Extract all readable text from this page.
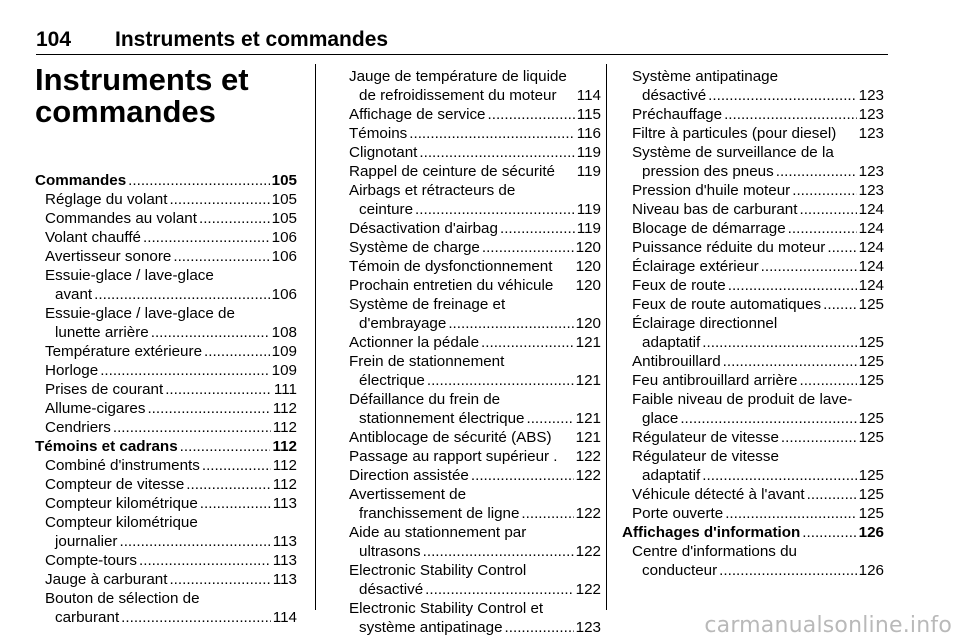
104 Instruments et commandes
Instruments et
commandes
Commandes .....	105
Réglage du volant .....	105
Commandes au volant .....	105
Volant chauffé .....	106
Avertisseur sonore .....	106
Essuie-glace / lave-glace
avant .....	106
Essuie-glace / lave-glace de
lunette arrière .....	108
Température extérieure .....	109
Horloge .....	109
Prises de courant .....	111
Allume-cigares .....	112
Cendriers .....	112
Témoins et cadrans .....	112
Combiné d'instruments .....	112
Compteur de vitesse .....	112
Compteur kilométrique .....	113
Compteur kilométrique
journalier .....	113
Compte-tours .....	113
Jauge à carburant .....	113
Bouton de sélection de
carburant .....	114
Jauge de température de liquide
de refroidissement du moteur 114
Affichage de service .....	115
Témoins .....	116
Clignotant .....	119
Rappel de ceinture de sécurité 119
Airbags et rétracteurs de
ceinture .....	119
Désactivation d'airbag .....	119
Système de charge .....	120
Témoin de dysfonctionnement 120
Prochain entretien du véhicule 120
Système de freinage et
d'embrayage .....	120
Actionner la pédale .....	121
Frein de stationnement
électrique .....	121
Défaillance du frein de
stationnement électrique .....	121
Antiblocage de sécurité (ABS) 121
Passage au rapport supérieur . 122
Direction assistée .....	122
Avertissement de
franchissement de ligne .....	122
Aide au stationnement par
ultrasons .....	122
Electronic Stability Control
désactivé .....	122
Electronic Stability Control et
système antipatinage .....	123
Système antipatinage
désactivé .....	123
Préchauffage .....	123
Filtre à particules (pour diesel) 123
Système de surveillance de la
pression des pneus .....	123
Pression d'huile moteur .....	123
Niveau bas de carburant .....	124
Blocage de démarrage .....	124
Puissance réduite du moteur ..... 124
Éclairage extérieur .....	124
Feux de route .....	124
Feux de route automatiques ..... 125
Éclairage directionnel
adaptatif .....	125
Antibrouillard .....	125
Feu antibrouillard arrière .....	125
Faible niveau de produit de lave-
glace .....	125
Régulateur de vitesse .....	125
Régulateur de vitesse
adaptatif .....	125
Véhicule détecté à l'avant .....	125
Porte ouverte .....	125
Affichages d'information .....	126
Centre d'informations du
conducteur .....	126
carmanualsonline.info
